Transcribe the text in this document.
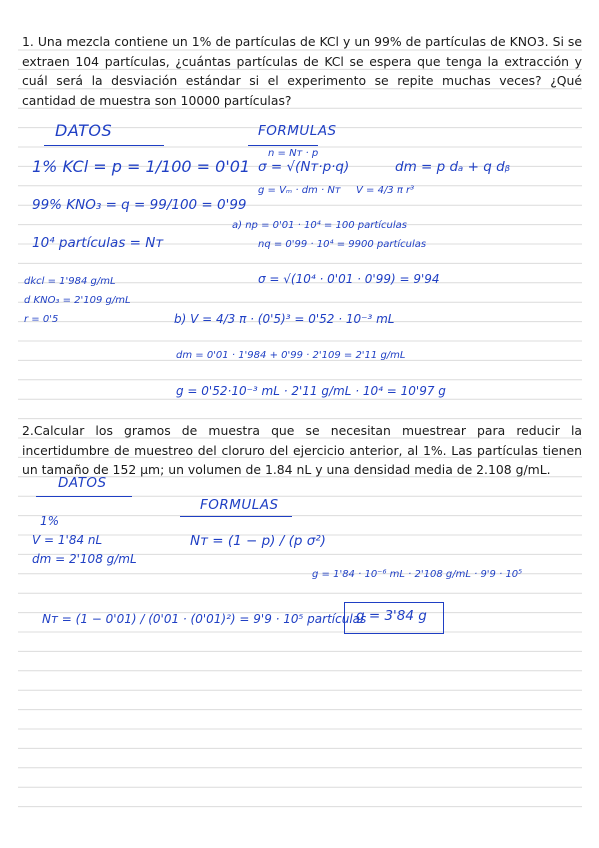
1. Una mezcla contiene un 1% de partículas de KCl y un 99% de partículas de KNO3. Si se extraen 104 partículas, ¿cuántas partículas de KCl se espera que tenga la extracción y cuál será la desviación estándar si el experimento se repite muchas veces? ¿Qué cantidad de muestra son 10000 partículas?

DATOS	FORMULAS
1% KCl = p = 1/100 = 0'01
99% KNO₃ = q = 99/100 = 0'99
10⁴ partículas = Nᴛ
dkcl = 1'984 g/mL
d KNO₃ = 2'109 g/mL
r = 0'5
n = Nᴛ · p
σ = √(Nᴛ·p·q)	dm = p dₐ + q dᵦ
g = Vₘ · dm · Nᴛ V = 4/3 π r³
a) np = 0'01 · 10⁴ = 100 partículas
nq = 0'99 · 10⁴ = 9900 partículas
σ = √(10⁴ · 0'01 · 0'99) = 9'94
b) V = 4/3 π · (0'5)³ = 0'52 · 10⁻³ mL
dm = 0'01 · 1'984 + 0'99 · 2'109 = 2'11 g/mL
g = 0'52·10⁻³ mL · 2'11 g/mL · 10⁴ = 10'97 g

2.Calcular los gramos de muestra que se necesitan muestrear para reducir la incertidumbre de muestreo del cloruro del ejercicio anterior, al 1%. Las partículas tienen un tamaño de 152 µm; un volumen de 1.84 nL y una densidad media de 2.108 g/mL.

DATOS
FORMULAS
1%
V = 1'84 nL
dm = 2'108 g/mL
Nᴛ = (1 − p) / (p σ²)
g = 1'84 · 10⁻⁶ mL · 2'108 g/mL · 9'9 · 10⁵
Nᴛ = (1 − 0'01) / (0'01 · (0'01)²) = 9'9 · 10⁵ partículas
g = 3'84 g
